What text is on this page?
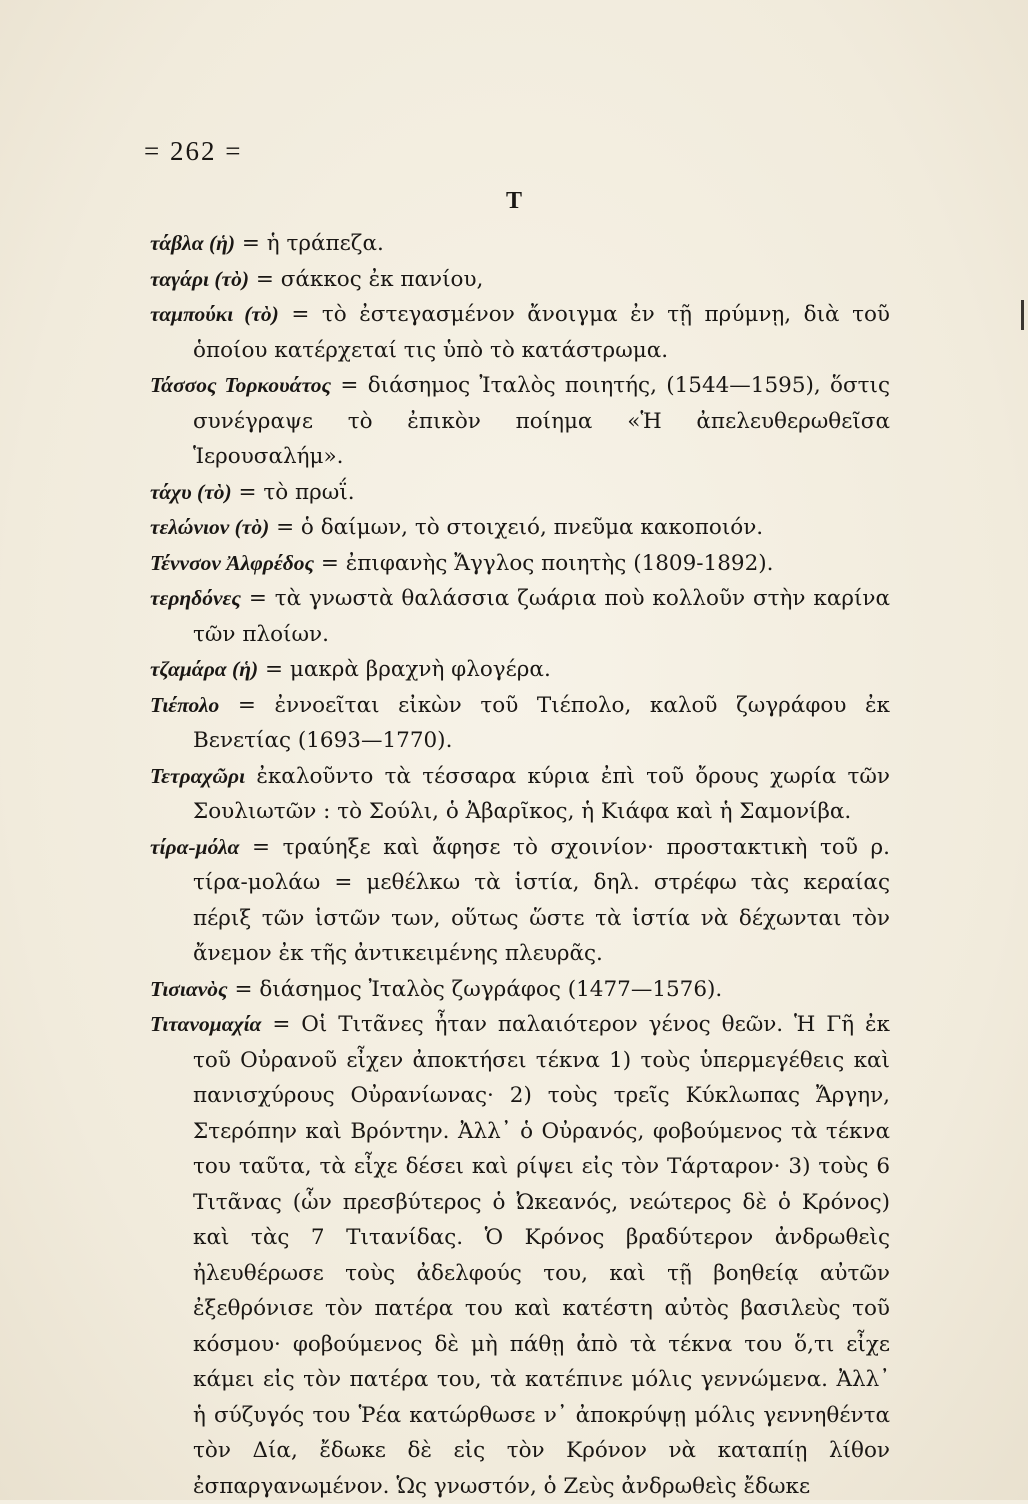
= 262 =
Τ

τάβλα (ἡ) = ἡ τράπεζα.

ταγάρι (τὸ) = σάκκος ἐκ πανίου,

ταμπούκι (τὸ) = τὸ ἐστεγασμένον ἄνοιγμα ἐν τῇ πρύμνῃ, διὰ τοῦ ὁποίου κατέρχεταί τις ὑπὸ τὸ κατάστρωμα.

Τάσσος Τορκουάτος = διάσημος Ἰταλὸς ποιητής, (1544—1595), ὅστις συνέγραψε τὸ ἐπικὸν ποίημα «Ἡ ἀπελευθερωθεῖσα Ἱερουσαλήμ».

τάχυ (τὸ) = τὸ πρωΐ.

τελώνιον (τὸ) = ὁ δαίμων, τὸ στοιχειό, πνεῦμα κακοποιόν.

Τέννσον Ἀλφρέδος = ἐπιφανὴς Ἄγγλος ποιητὴς (1809-1892).

τερηδόνες = τὰ γνωστὰ θαλάσσια ζωάρια ποὺ κολλοῦν στὴν καρίνα τῶν πλοίων.

τζαμάρα (ἡ) = μακρὰ βραχνὴ φλογέρα.

Τιέπολο = ἐννοεῖται εἰκὼν τοῦ Τιέπολο, καλοῦ ζωγράφου ἐκ Βενετίας (1693—1770).

Τετραχῶρι ἐκαλοῦντο τὰ τέσσαρα κύρια ἐπὶ τοῦ ὄρους χωρία τῶν Σουλιωτῶν : τὸ Σούλι, ὁ Ἀβαρῖκος, ἡ Κιάφα καὶ ἡ Σαμονίβα.

τίρα-μόλα = τραύηξε καὶ ἄφησε τὸ σχοινίον· προστακτικὴ τοῦ ρ. τίρα-μολάω = μεθέλκω τὰ ἱστία, δηλ. στρέφω τὰς κεραίας πέριξ τῶν ἱστῶν των, οὕτως ὥστε τὰ ἱστία νὰ δέχωνται τὸν ἄνεμον ἐκ τῆς ἀντικειμένης πλευρᾶς.

Τισιανὸς = διάσημος Ἰταλὸς ζωγράφος (1477—1576).

Τιτανομαχία = Οἱ Τιτᾶνες ἦταν παλαιότερον γένος θεῶν. Ἡ Γῆ ἐκ τοῦ Οὐρανοῦ εἶχεν ἀποκτήσει τέκνα 1) τοὺς ὑπερμεγέθεις καὶ πανισχύρους Οὐρανίωνας· 2) τοὺς τρεῖς Κύκλωπας Ἄργην, Στερόπην καὶ Βρόντην. Ἀλλ᾽ ὁ Οὐρανός, φοβούμενος τὰ τέκνα του ταῦτα, τὰ εἶχε δέσει καὶ ρίψει εἰς τὸν Τάρταρον· 3) τοὺς 6 Τιτᾶνας (ὧν πρεσβύτερος ὁ Ὠκεανός, νεώτερος δὲ ὁ Κρόνος) καὶ τὰς 7 Τιτανίδας. Ὁ Κρόνος βραδύτερον ἀνδρωθεὶς ἠλευθέρωσε τοὺς ἀδελφούς του, καὶ τῇ βοηθείᾳ αὐτῶν ἐξεθρόνισε τὸν πατέρα του καὶ κατέστη αὐτὸς βασιλεὺς τοῦ κόσμου· φοβούμενος δὲ μὴ πάθῃ ἀπὸ τὰ τέκνα του ὅ,τι εἶχε κάμει εἰς τὸν πατέρα του, τὰ κατέπινε μόλις γεννώμενα. Ἀλλ᾽ ἡ σύζυγός του Ῥέα κατώρθωσε ν᾽ ἀποκρύψῃ μόλις γεννηθέντα τὸν Δία, ἔδωκε δὲ εἰς τὸν Κρόνον νὰ καταπίῃ λίθον ἐσπαργανωμένον. Ὡς γνωστόν, ὁ Ζεὺς ἀνδρωθεὶς ἔδωκε
